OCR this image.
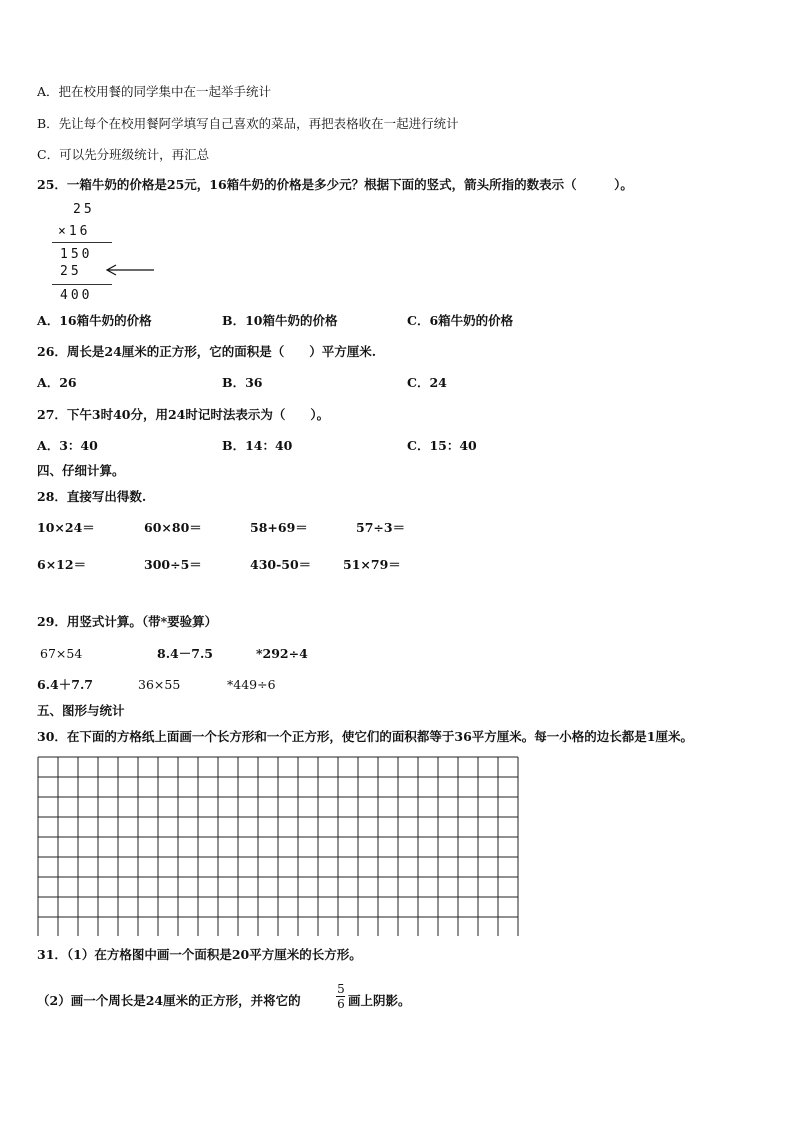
A．把在校用餐的同学集中在一起举手统计
B．先让每个在校用餐阿学填写自己喜欢的菜品，再把表格收在一起进行统计
C．可以先分班级统计，再汇总
25．一箱牛奶的价格是25元，16箱牛奶的价格是多少元？根据下面的竖式，箭头所指的数表示（　　　）。
25
×16
150
25
400
A．16箱牛奶的价格	B．10箱牛奶的价格	C．6箱牛奶的价格
26．周长是24厘米的正方形，它的面积是（　　）平方厘米.
A．26	B．36	C．24
27．下午3时40分，用24时记时法表示为（　　）。
A．3：40	B．14：40	C．15：40
四、仔细计算。
28．直接写出得数.
10×24＝	60×80＝	58+69＝	57÷3＝
6×12＝	300÷5＝	430-50＝	51×79＝
29．用竖式计算。（带*要验算）
67×54	8.4－7.5	*292÷4
6.4＋7.7	36×55	*449÷6
五、图形与统计
30．在下面的方格纸上面画一个长方形和一个正方形，使它们的面积都等于36平方厘米。每一小格的边长都是1厘米。
31．（1）在方格图中画一个面积是20平方厘米的长方形。
（2）画一个周长是24厘米的正方形，并将它的
5
6 画上阴影。
